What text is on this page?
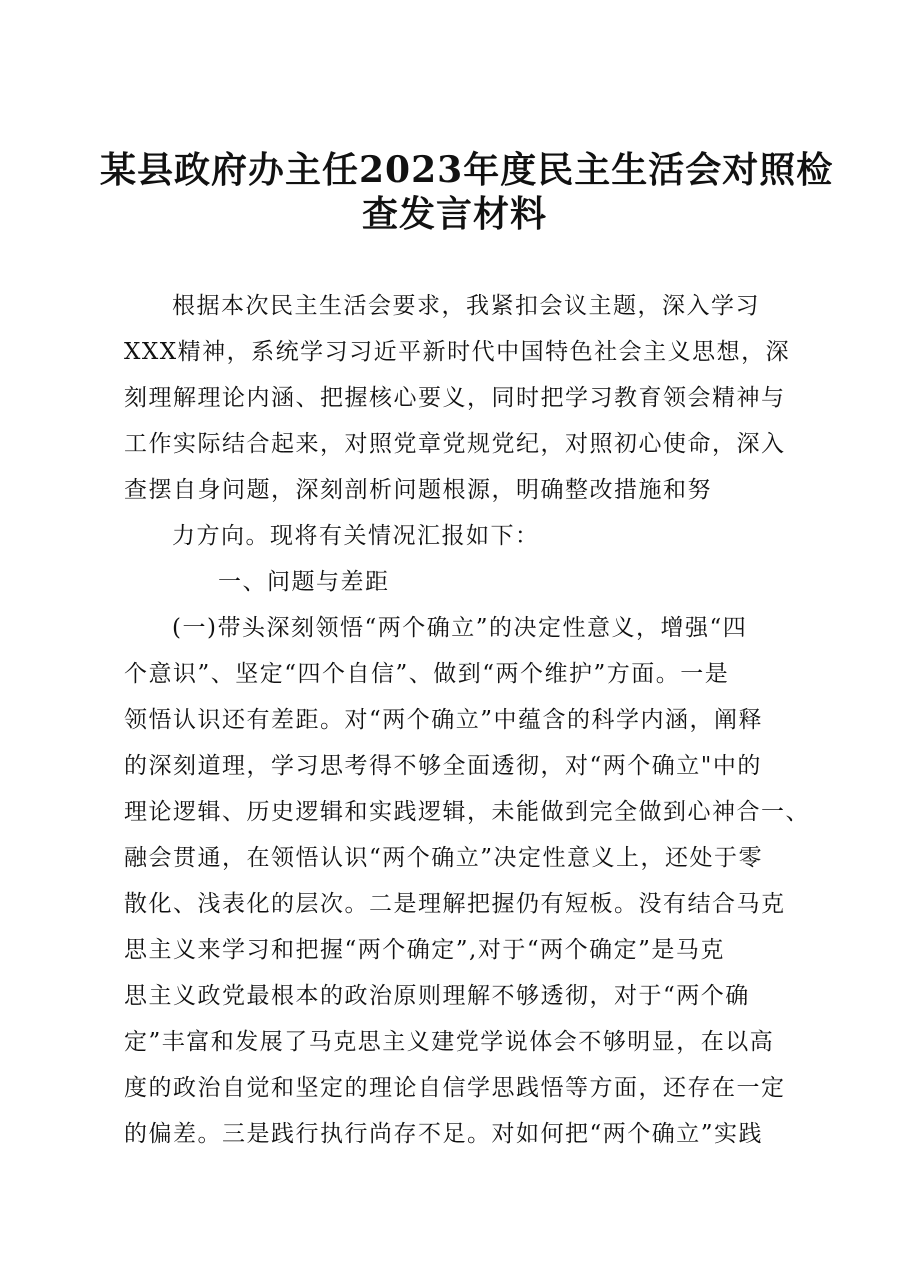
某县政府办主任2023年度民主生活会对照检
查发言材料
根据本次民主生活会要求，我紧扣会议主题，深入学习
XXX精神，系统学习习近平新时代中国特色社会主义思想，深
刻理解理论内涵、把握核心要义，同时把学习教育领会精神与
工作实际结合起来，对照党章党规党纪，对照初心使命，深入
查摆自身问题，深刻剖析问题根源，明确整改措施和努
力方向。现将有关情况汇报如下：
一、问题与差距
(一)带头深刻领悟“两个确立”的决定性意义，增强“四
个意识”、坚定“四个自信”、做到“两个维护”方面。一是
领悟认识还有差距。对“两个确立”中蕴含的科学内涵，阐释
的深刻道理，学习思考得不够全面透彻，对“两个确立"中的
理论逻辑、历史逻辑和实践逻辑，未能做到完全做到心神合一、
融会贯通，在领悟认识“两个确立”决定性意义上，还处于零
散化、浅表化的层次。二是理解把握仍有短板。没有结合马克
思主义来学习和把握“两个确定”,对于“两个确定”是马克
思主义政党最根本的政治原则理解不够透彻，对于“两个确
定”丰富和发展了马克思主义建党学说体会不够明显，在以高
度的政治自觉和坚定的理论自信学思践悟等方面，还存在一定
的偏差。三是践行执行尚存不足。对如何把“两个确立”实践
